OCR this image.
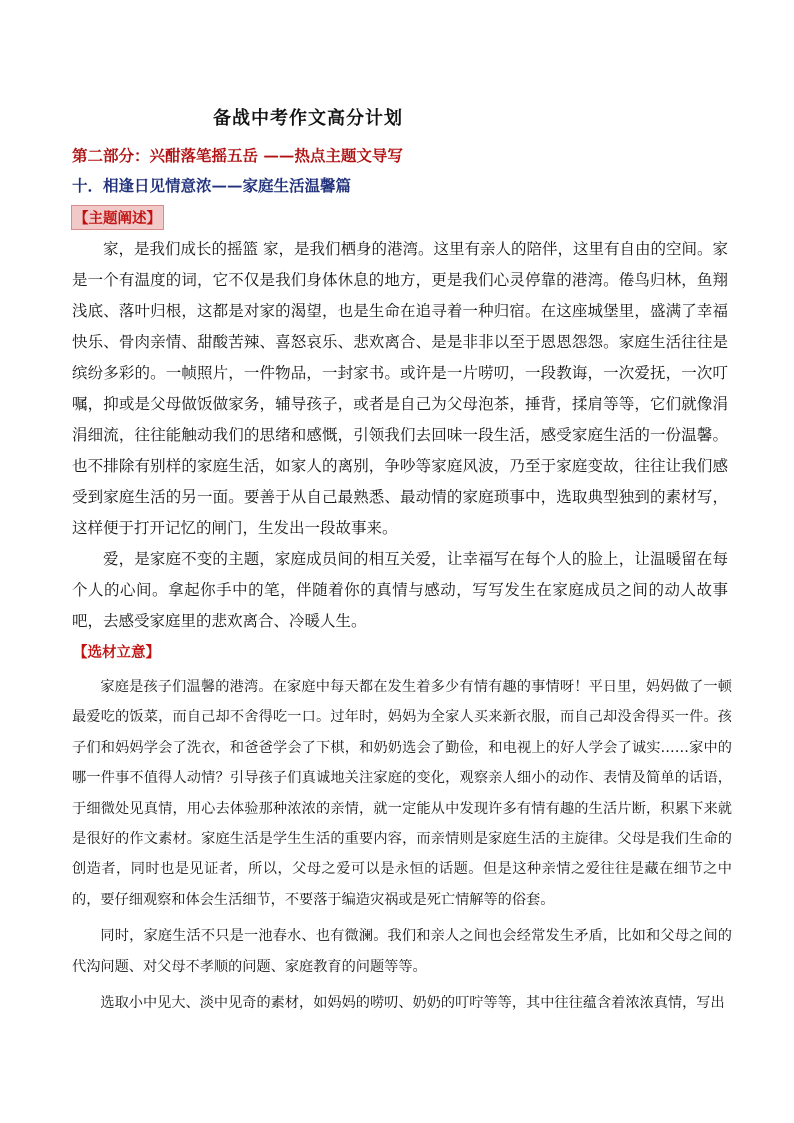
备战中考作文高分计划
第二部分：兴酣落笔摇五岳 ——热点主题文导写
十．相逢日见情意浓——家庭生活温馨篇
【主题阐述】

家，是我们成长的摇篮 家，是我们栖身的港湾。这里有亲人的陪伴，这里有自由的空间。家是一个有温度的词，它不仅是我们身体休息的地方，更是我们心灵停靠的港湾。倦鸟归林，鱼翔浅底、落叶归根，这都是对家的渴望，也是生命在追寻着一种归宿。在这座城堡里，盛满了幸福快乐、骨肉亲情、甜酸苦辣、喜怒哀乐、悲欢离合、是是非非以至于恩恩怨怨。家庭生活往往是缤纷多彩的。一帧照片，一件物品，一封家书。或许是一片唠叨，一段教诲，一次爱抚，一次叮嘱，抑或是父母做饭做家务，辅导孩子，或者是自己为父母泡茶，捶背，揉肩等等，它们就像涓涓细流，往往能触动我们的思绪和感慨，引领我们去回味一段生活，感受家庭生活的一份温馨。也不排除有别样的家庭生活，如家人的离别，争吵等家庭风波，乃至于家庭变故，往往让我们感受到家庭生活的另一面。要善于从自己最熟悉、最动情的家庭琐事中，选取典型独到的素材写，这样便于打开记忆的闸门，生发出一段故事来。

爱，是家庭不变的主题，家庭成员间的相互关爱，让幸福写在每个人的脸上，让温暖留在每个人的心间。拿起你手中的笔，伴随着你的真情与感动，写写发生在家庭成员之间的动人故事吧，去感受家庭里的悲欢离合、冷暖人生。

【选材立意】

家庭是孩子们温馨的港湾。在家庭中每天都在发生着多少有情有趣的事情呀！平日里，妈妈做了一顿最爱吃的饭菜，而自己却不舍得吃一口。过年时，妈妈为全家人买来新衣服，而自己却没舍得买一件。孩子们和妈妈学会了洗衣，和爸爸学会了下棋，和奶奶选会了勤俭，和电视上的好人学会了诚实……家中的哪一件事不值得人动情？引导孩子们真诚地关注家庭的变化，观察亲人细小的动作、表情及简单的话语，于细微处见真情，用心去体验那种浓浓的亲情，就一定能从中发现许多有情有趣的生活片断，积累下来就是很好的作文素材。家庭生活是学生生活的重要内容，而亲情则是家庭生活的主旋律。父母是我们生命的创造者，同时也是见证者，所以，父母之爱可以是永恒的话题。但是这种亲情之爱往往是藏在细节之中的，要仔细观察和体会生活细节，不要落于编造灾祸或是死亡情解等的俗套。

同时，家庭生活不只是一池春水、也有微澜。我们和亲人之间也会经常发生矛盾，比如和父母之间的代沟问题、对父母不孝顺的问题、家庭教育的问题等等。

选取小中见大、淡中见奇的素材，如妈妈的唠叨、奶奶的叮咛等等，其中往往蕴含着浓浓真情，写出
